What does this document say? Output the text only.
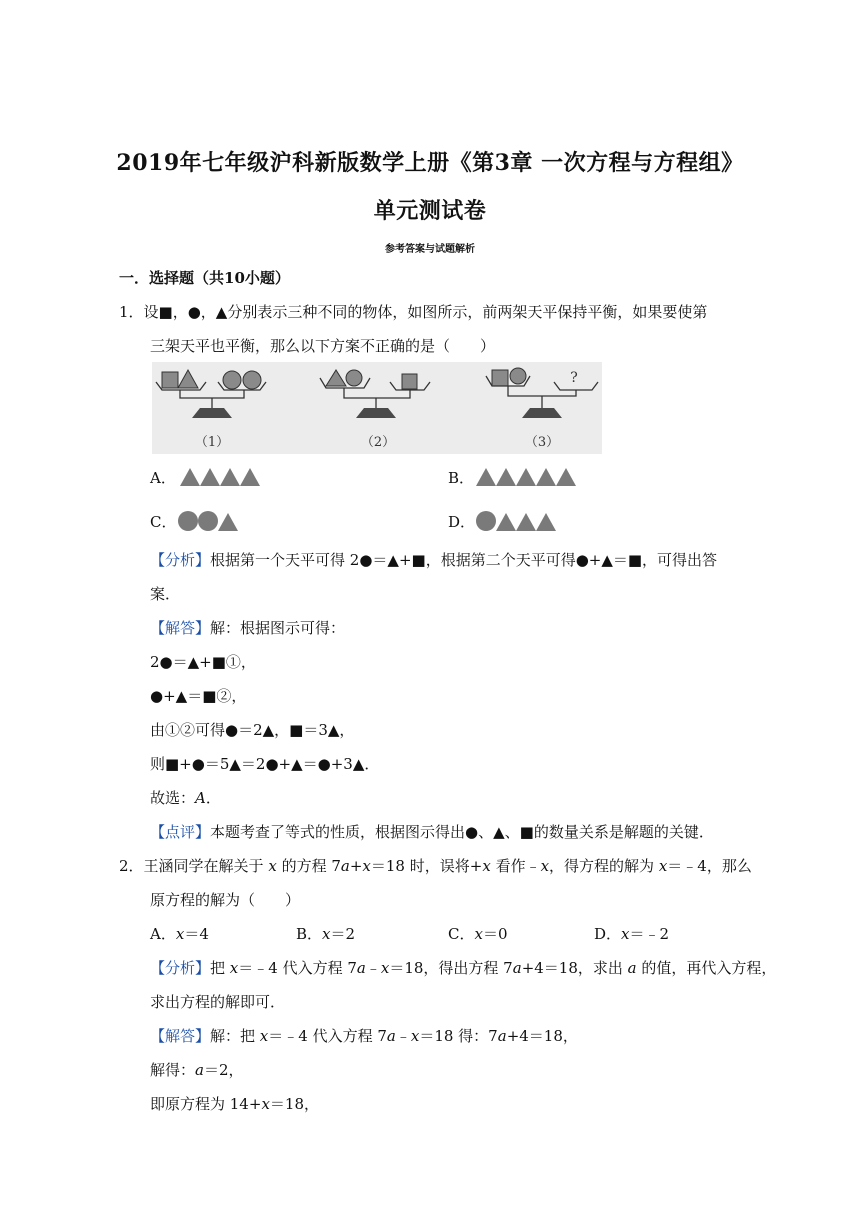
2019年七年级沪科新版数学上册《第3章 一次方程与方程组》
单元测试卷
参考答案与试题解析
一．选择题（共10小题）
1．设■，●，▲分别表示三种不同的物体，如图所示，前两架天平保持平衡，如果要使第
三架天平也平衡，那么以下方案不正确的是（　　）
（1）	（2）
?
（3）
A．	B．
C．	D．
【分析】根据第一个天平可得 2●＝▲+■，根据第二个天平可得●+▲＝■，可得出答
案．
【解答】解：根据图示可得：
2●＝▲+■①，
●+▲＝■②，
由①②可得●＝2▲，■＝3▲，
则■+●＝5▲＝2●+▲＝●+3▲．
故选：A．
【点评】本题考查了等式的性质，根据图示得出●、▲、■的数量关系是解题的关键．
2．王涵同学在解关于 x 的方程 7a+x＝18 时，误将+x 看作﹣x，得方程的解为 x＝﹣4，那么
原方程的解为（　　）
A．x＝4	B．x＝2	C．x＝0	D．x＝﹣2
【分析】把 x＝﹣4 代入方程 7a﹣x＝18，得出方程 7a+4＝18，求出 a 的值，再代入方程，
求出方程的解即可．
【解答】解：把 x＝﹣4 代入方程 7a﹣x＝18 得：7a+4＝18，
解得：a＝2，
即原方程为 14+x＝18，
